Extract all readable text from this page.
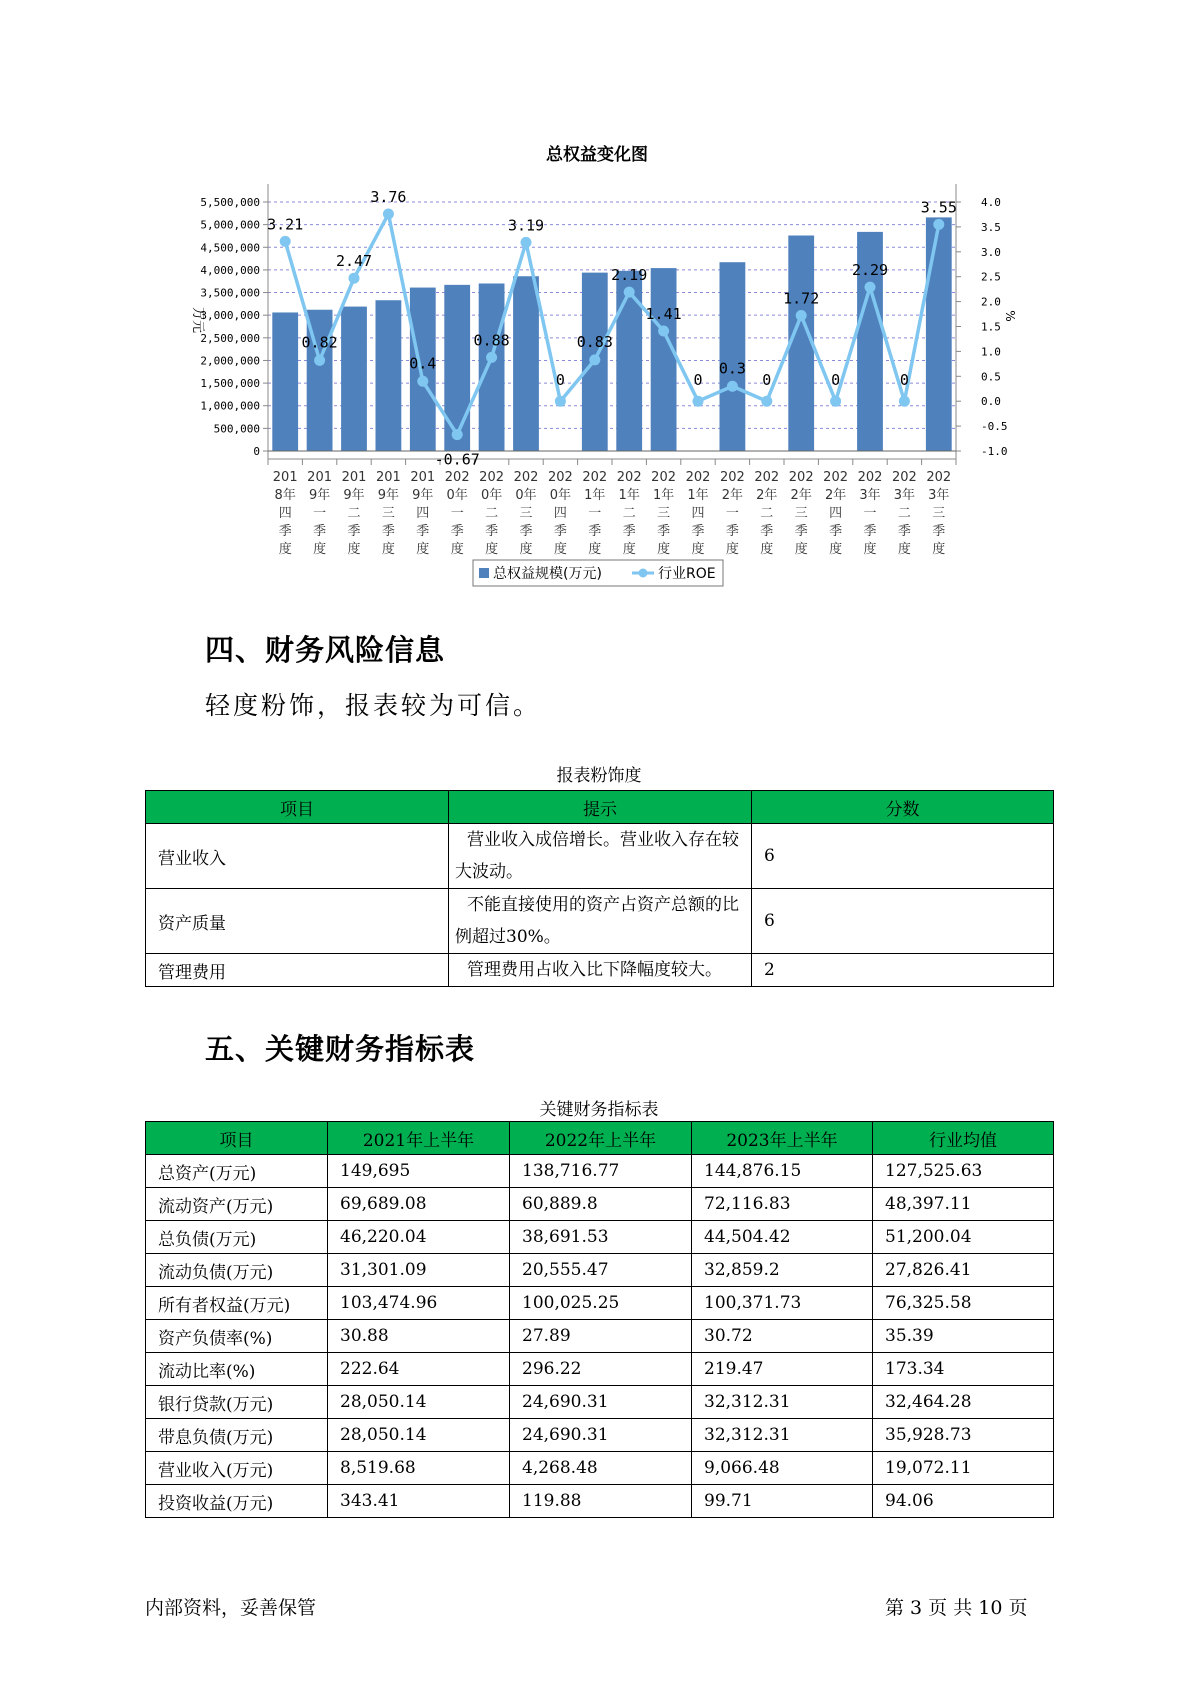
总权益变化图
5,500,000
5,000,000
4,500,000
4,000,000
3,500,000
3,000,000
2,500,000
2,000,000
1,500,000
1,000,000
500,000
0
4.0
3.5
3.0
2.5
2.0
1.5
1.0
0.5
0.0
-0.5
-1.0
201
8年
四
季
度
201
9年
一
季
度
201
9年
二
季
度
201
9年
三
季
度
201
9年
四
季
度
202
0年
一
季
度
202
0年
二
季
度
202
0年
三
季
度
202
0年
四
季
度
202
1年
一
季
度
202
1年
二
季
度
202
1年
三
季
度
202
1年
四
季
度
202
2年
一
季
度
202
2年
二
季
度
202
2年
三
季
度
202
2年
四
季
度
202
3年
一
季
度
202
3年
二
季
度
202
3年
三
季
度
3.21
0.82
2.47
3.76
0.4
-0.67
0.88
3.19
0
0.83
2.19
1.41
0
0.3
0
1.72
0
2.29
0
3.55
万元	%
总权益规模(万元)	行业ROE
四、财务风险信息

轻度粉饰，报表较为可信。

报表粉饰度
项目	提示	分数
营业收入	营业收入成倍增长。营业收入存在较大波动。	6
资产质量	不能直接使用的资产占资产总额的比例超过30%。	6
管理费用	管理费用占收入比下降幅度较大。	2
五、关键财务指标表
关键财务指标表
项目	2021年上半年	2022年上半年	2023年上半年	行业均值
总资产(万元)	149,695	138,716.77	144,876.15	127,525.63
流动资产(万元)	69,689.08	60,889.8	72,116.83	48,397.11
总负债(万元)	46,220.04	38,691.53	44,504.42	51,200.04
流动负债(万元)	31,301.09	20,555.47	32,859.2	27,826.41
所有者权益(万元)	103,474.96	100,025.25	100,371.73	76,325.58
资产负债率(%)	30.88	27.89	30.72	35.39
流动比率(%)	222.64	296.22	219.47	173.34
银行贷款(万元)	28,050.14	24,690.31	32,312.31	32,464.28
带息负债(万元)	28,050.14	24,690.31	32,312.31	35,928.73
营业收入(万元)	8,519.68	4,268.48	9,066.48	19,072.11
投资收益(万元)	343.41	119.88	99.71	94.06
内部资料，妥善保管	第 3 页 共 10 页
